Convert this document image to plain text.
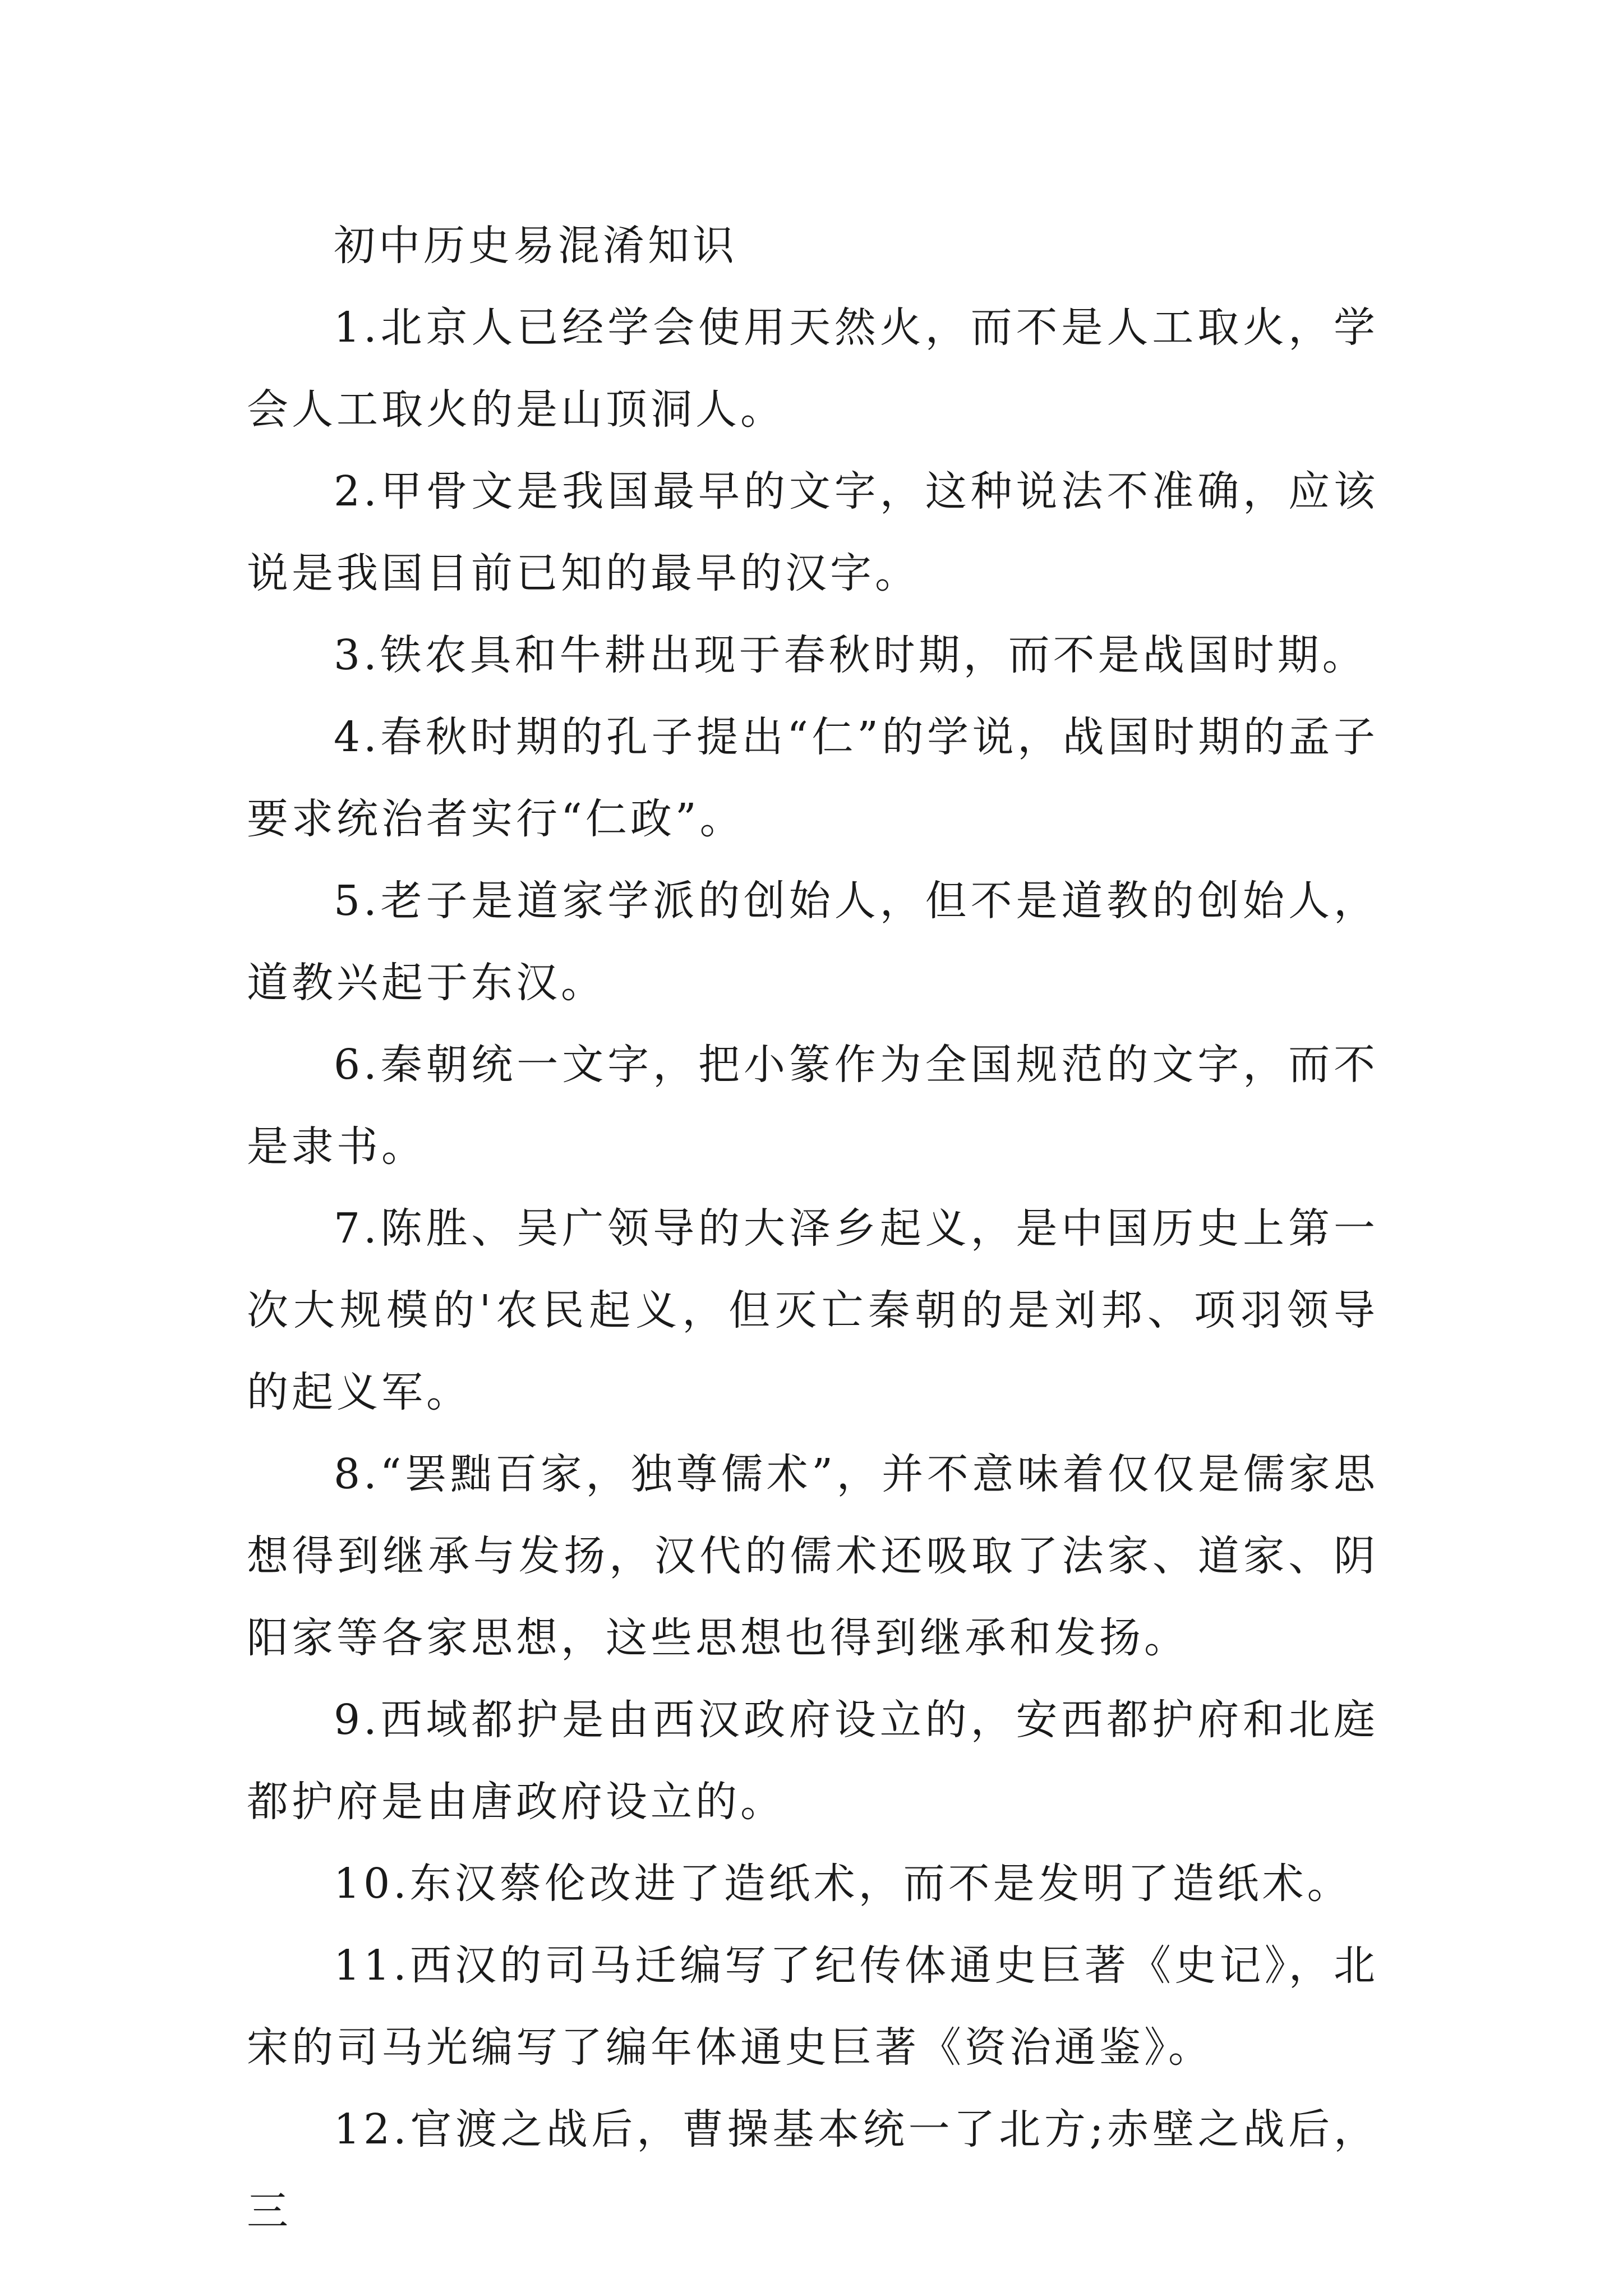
初中历史易混淆知识

1.北京人已经学会使用天然火，而不是人工取火，学会人工取火的是山顶洞人。

2.甲骨文是我国最早的文字，这种说法不准确，应该说是我国目前已知的最早的汉字。

3.铁农具和牛耕出现于春秋时期，而不是战国时期。

4.春秋时期的孔子提出“仁”的学说，战国时期的孟子要求统治者实行“仁政”。

5.老子是道家学派的创始人，但不是道教的创始人，道教兴起于东汉。

6.秦朝统一文字，把小篆作为全国规范的文字，而不是隶书。

7.陈胜、吴广领导的大泽乡起义，是中国历史上第一次大规模的'农民起义，但灭亡秦朝的是刘邦、项羽领导的起义军。

8.“罢黜百家，独尊儒术”，并不意味着仅仅是儒家思想得到继承与发扬，汉代的儒术还吸取了法家、道家、阴阳家等各家思想，这些思想也得到继承和发扬。

9.西域都护是由西汉政府设立的，安西都护府和北庭都护府是由唐政府设立的。

10.东汉蔡伦改进了造纸术，而不是发明了造纸术。

11.西汉的司马迁编写了纪传体通史巨著《史记》，北宋的司马光编写了编年体通史巨著《资治通鉴》。

12.官渡之战后，曹操基本统一了北方;赤壁之战后，三
